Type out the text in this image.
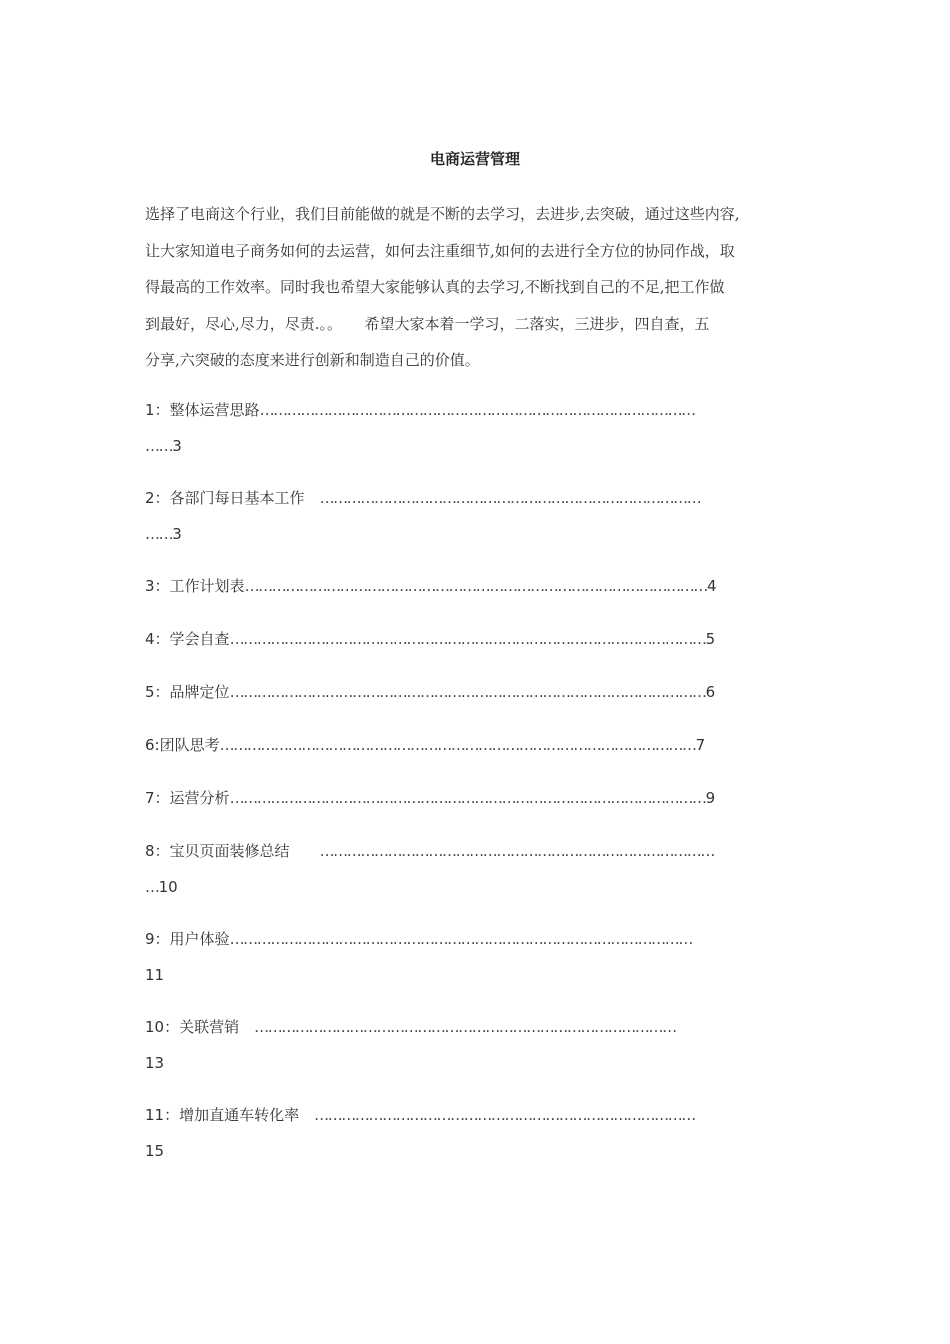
电商运营管理
选择了电商这个行业，我们目前能做的就是不断的去学习，去进步,去突破，通过这些内容,
让大家知道电子商务如何的去运营，如何去注重细节,如何的去进行全方位的协同作战，取
得最高的工作效率。同时我也希望大家能够认真的去学习,不断找到自己的不足,把工作做
到最好，尽心,尽力，尽责.。。　　希望大家本着一学习，二落实，三进步，四自查，五
分享,六突破的态度来进行创新和制造自己的价值。
1：整体运营思路……………………………………………………………………………………
……3
2：各部门每日基本工作　…………………………………………………………………………
……3
3：工作计划表…………………………………………………………………………………………4
4：学会自查……………………………………………………………………………………………5
5：品牌定位……………………………………………………………………………………………6
6:团队思考……………………………………………………………………………………………7
7：运营分析……………………………………………………………………………………………9
8：宝贝页面装修总结　　……………………………………………………………………………
…10
9：用户体验…………………………………………………………………………………………
11
10：关联营销　…………………………………………………………………………………
13
11：增加直通车转化率　…………………………………………………………………………
15
